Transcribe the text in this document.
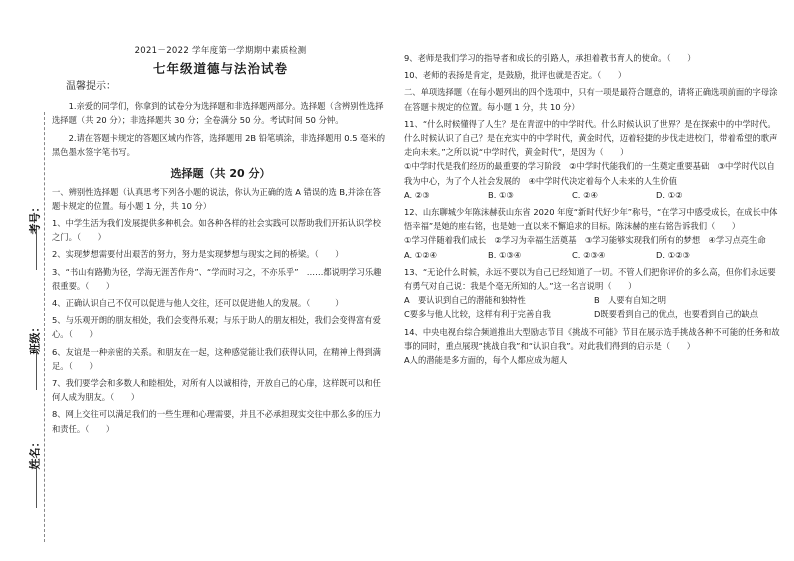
考号：
班级：
姓名：
2021－2022 学年度第一学期期中素质检测
七年级道德与法治试卷
温馨提示：

1.亲爱的同学们，你拿到的试卷分为选择题和非选择题两部分。选择题（含辨别性选择选择题（共 20 分）；非选择题共 30 分；全卷满分 50 分。考试时间 50 分钟。

2.请在答题卡规定的答题区域内作答，选择题用 2B 铅笔填涂，非选择题用 0.5 毫米的黑色墨水签字笔书写。

选择题（共 20 分）

一、辨别性选择题（认真思考下列各小题的说法，你认为正确的选 A 错误的选 B,并涂在答题卡规定的位置。每小题 1 分，共 10 分）

1、中学生活为我们发展提供多种机会。如各种各样的社会实践可以帮助我们开拓认识学校之门。（　　）

2、实现梦想需要付出艰苦的努力，努力是实现梦想与现实之间的桥梁。（　　）

3、“书山有路勤为径，学海无涯苦作舟”、“学而时习之，不亦乐乎”　……都说明学习乐趣很重要。（　　）

4、正确认识自己不仅可以促进与他人交往，还可以促进他人的发展。（　　　）

5、与乐观开朗的朋友相处，我们会变得乐观；与乐于助人的朋友相处，我们会变得富有爱心。（　　）

6、友谊是一种亲密的关系。和朋友在一起，这种感觉能让我们获得认同，在精神上得到满足。（　　）

7、我们要学会和多数人和睦相处，对所有人以诚相待，开放自己的心扉，这样既可以和任何人成为朋友。（　　）

8、网上交往可以满足我们的一些生理和心理需要，并且不必承担现实交往中那么多的压力和责任。（　　）

9、老师是我们学习的指导者和成长的引路人，承担着教书育人的使命。（　　）

10、老师的表扬是肯定，是鼓励，批评也就是否定。（　　）

二、单项选择题（在每小题列出的四个选项中，只有一项是最符合题意的，请将正确选项前面的字母涂在答题卡规定的位置。每小题 1 分，共 10 分）

11、“什么时候懂得了人生？是在青涩中的中学时代。什么时候认识了世界？是在探索中的中学时代。什么时候认识了自己？是在充实中的中学时代，黄金时代，迈着轻捷的步伐走进校门，带着希望的歌声走向未来。”之所以说“中学时代，黄金时代”，是因为（　　）

①中学时代是我们经历的最重要的学习阶段　②中学时代能我们的一生奠定重要基础　③中学时代以自我为中心，为了个人社会发展的　④中学时代决定着每个人未来的人生价值

A. ②③	B. ①③	C. ②④	D. ①②

12、山东聊城少年陈沫赫获山东省 2020 年度“新时代好少年”称号，“在学习中感受成长，在成长中体悟幸福”是她的座右铭，也是她一直以来不懈追求的目标。陈沫赫的座右铭告诉我们（　　）

①学习伴随着我们成长　②学习为幸福生活奠基　③学习能够实现我们所有的梦想　④学习点亮生命

A. ①②④	B. ①③④	C. ②③④	D. ①②③

13、“无论什么时候，永远不要以为自己已经知道了一切。不管人们把你评价的多么高，但你们永远要有勇气对自己说：我是个毫无所知的人。”这一名言说明（　　）

A　要认识到自己的潜能和独特性	B　人要有自知之明
C要多与他人比较，这样有利于完善自我	D既要看到自己的优点，也要看到自己的缺点

14、中央电视台综合频道推出大型励志节目《挑战不可能》节目在展示选手挑战各种不可能的任务和故事的同时，重点展现“挑战自我”和“认识自我”。对此我们得到的启示是（　　）

A人的潜能是多方面的，每个人都应成为超人
